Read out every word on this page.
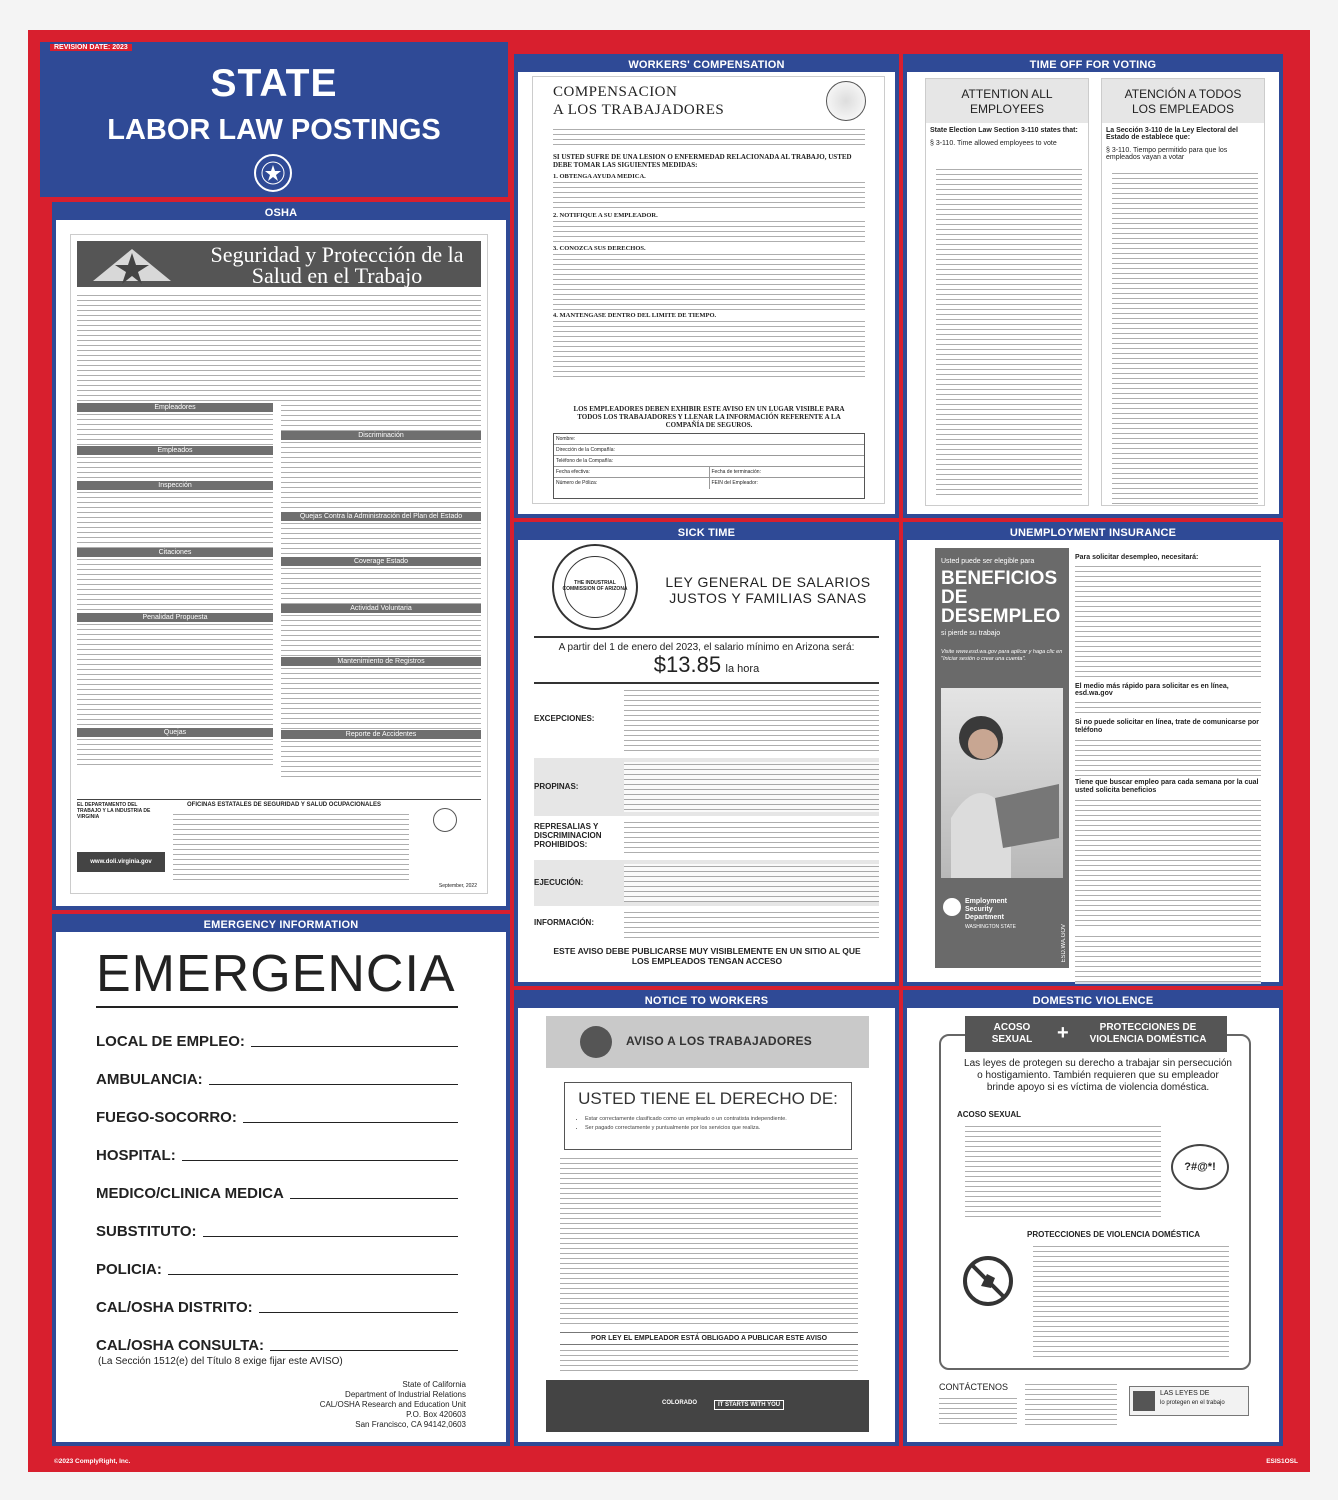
REVISION DATE: 2023
STATE
LABOR LAW POSTINGS
OSHA
Seguridad y Protección de la Salud en el Trabajo
Empleadores
Empleados
Inspección
Citaciones
Penalidad Propuesta
Quejas
Discriminación
Quejas Contra la Administración del Plan del Estado
Coverage Estado
Actividad Voluntaria
Mantenimiento de Registros
Reporte de Accidentes
EL DEPARTAMENTO DEL TRABAJO Y LA INDUSTRIA DE VIRGINIA
OFICINAS ESTATALES DE SEGURIDAD Y SALUD OCUPACIONALES
www.doli.virginia.gov
September, 2022
EMERGENCY INFORMATION
EMERGENCIA
LOCAL DE EMPLEO:
AMBULANCIA:
FUEGO-SOCORRO:
HOSPITAL:
MEDICO/CLINICA MEDICA
SUBSTITUTO:
POLICIA:
CAL/OSHA DISTRITO:
CAL/OSHA CONSULTA:
(La Sección 1512(e) del Título 8 exige fijar este AVISO)
State of California
Department of Industrial Relations
CAL/OSHA Research and Education Unit
P.O. Box 420603
San Francisco, CA 94142,0603
WORKERS' COMPENSATION
COMPENSACION
A LOS TRABAJADORES
SI USTED SUFRE DE UNA LESION O ENFERMEDAD RELACIONADA AL TRABAJO, USTED DEBE TOMAR LAS SIGUIENTES MEDIDAS:
1. OBTENGA AYUDA MEDICA.
2. NOTIFIQUE A SU EMPLEADOR.
3. CONOZCA SUS DERECHOS.
4. MANTENGASE DENTRO DEL LIMITE DE TIEMPO.
LOS EMPLEADORES DEBEN EXHIBIR ESTE AVISO EN UN LUGAR VISIBLE PARA TODOS LOS TRABAJADORES Y LLENAR LA INFORMACIÓN REFERENTE A LA COMPAÑÍA DE SEGUROS.
Nombre:
Dirección de la Compañía:
Teléfono de la Compañía:
Fecha efectiva:	Fecha de terminación:
Número de Póliza:	FEIN del Empleador:
SICK TIME
THE INDUSTRIAL COMMISSION OF ARIZONA	LEY GENERAL DE SALARIOS
JUSTOS Y FAMILIAS SANAS
A partir del 1 de enero del 2023, el salario mínimo en Arizona será:
$13.85 la hora
EXCEPCIONES:
PROPINAS:
REPRESALIAS Y DISCRIMINACION PROHIBIDOS:
EJECUCIÓN:
INFORMACIÓN:
ESTE AVISO DEBE PUBLICARSE MUY VISIBLEMENTE EN UN SITIO AL QUE LOS EMPLEADOS TENGAN ACCESO
NOTICE TO WORKERS
AVISO A LOS TRABAJADORES
USTED TIENE EL DERECHO DE:
• Estar correctamente clasificado como un empleado o un contratista independiente.
• Ser pagado correctamente y puntualmente por los servicios que realiza.
POR LEY EL EMPLEADOR ESTÁ OBLIGADO A PUBLICAR ESTE AVISO
COLORADO	IT STARTS WITH YOU
TIME OFF FOR VOTING
ATTENTION ALL EMPLOYEES
State Election Law Section 3-110 states that:
§ 3-110. Time allowed employees to vote
ATENCIÓN A TODOS LOS EMPLEADOS
La Sección 3-110 de la Ley Electoral del Estado de establece que:
§ 3-110. Tiempo permitido para que los empleados vayan a votar
UNEMPLOYMENT INSURANCE
Usted puede ser elegible para
BENEFICIOS DE DESEMPLEO
si pierde su trabajo
Visite www.esd.wa.gov para aplicar y haga clic en "Iniciar sesión o crear una cuenta".
Employment Security Department
WASHINGTON STATE	ESD.WA.GOV
Para solicitar desempleo, necesitará:
El medio más rápido para solicitar es en línea, esd.wa.gov
Si no puede solicitar en línea, trate de comunicarse por teléfono
Tiene que buscar empleo para cada semana por la cual usted solicita beneficios
DOMESTIC VIOLENCE
ACOSO SEXUAL	+	PROTECCIONES DE VIOLENCIA DOMÉSTICA
Las leyes de protegen su derecho a trabajar sin persecución o hostigamiento. También requieren que su empleador brinde apoyo si es víctima de violencia doméstica.
ACOSO SEXUAL
?#@*!
PROTECCIONES DE VIOLENCIA DOMÉSTICA
CONTÁCTENOS
LAS LEYES DE
lo protegen en el trabajo
©2023 ComplyRight, Inc.	ESIS1OSL
